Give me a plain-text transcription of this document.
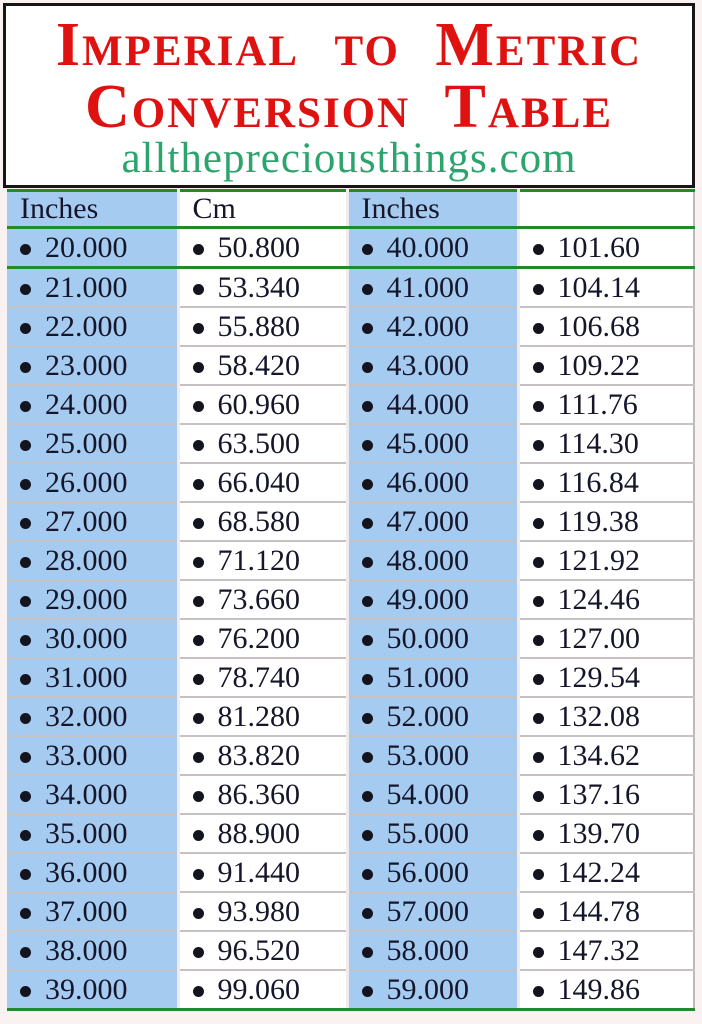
Imperial to Metric
Conversion Table
allthepreciousthings.com
Inches	Cm	Inches	
20.000	50.800	40.000	101.60
21.000	53.340	41.000	104.14
22.000	55.880	42.000	106.68
23.000	58.420	43.000	109.22
24.000	60.960	44.000	111.76
25.000	63.500	45.000	114.30
26.000	66.040	46.000	116.84
27.000	68.580	47.000	119.38
28.000	71.120	48.000	121.92
29.000	73.660	49.000	124.46
30.000	76.200	50.000	127.00
31.000	78.740	51.000	129.54
32.000	81.280	52.000	132.08
33.000	83.820	53.000	134.62
34.000	86.360	54.000	137.16
35.000	88.900	55.000	139.70
36.000	91.440	56.000	142.24
37.000	93.980	57.000	144.78
38.000	96.520	58.000	147.32
39.000	99.060	59.000	149.86
